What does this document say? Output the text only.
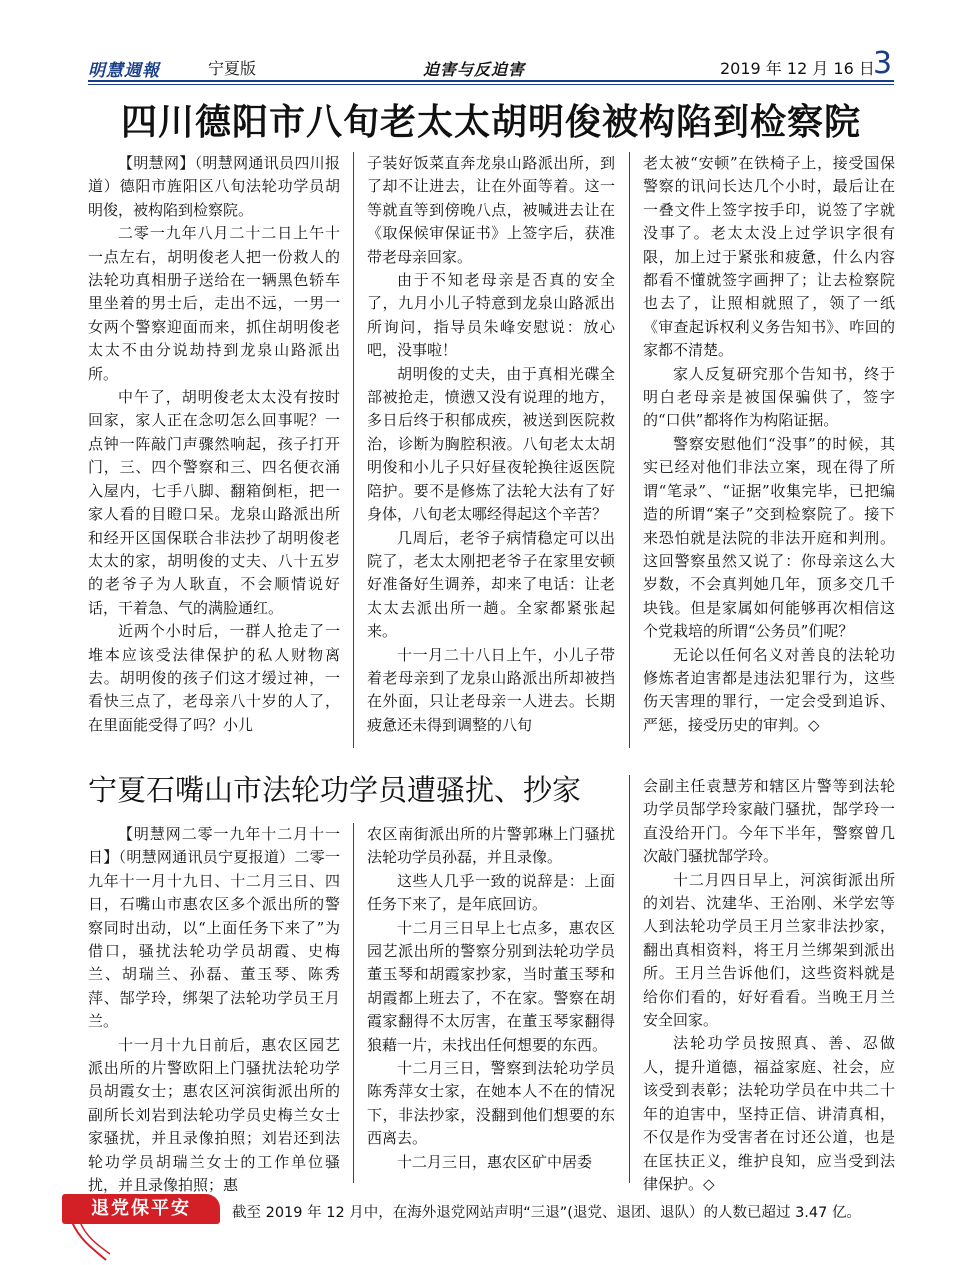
明慧週報	宁夏版	迫害与反迫害	2019 年 12 月 16 日
3
四川德阳市八旬老太太胡明俊被构陷到检察院

【明慧网】（明慧网通讯员四川报道）德阳市旌阳区八旬法轮功学员胡明俊，被构陷到检察院。

二零一九年八月二十二日上午十一点左右，胡明俊老人把一份救人的法轮功真相册子送给在一辆黑色轿车里坐着的男士后，走出不远，一男一女两个警察迎面而来，抓住胡明俊老太太不由分说劫持到龙泉山路派出所。

中午了，胡明俊老太太没有按时回家，家人正在念叨怎么回事呢？一点钟一阵敲门声骤然响起，孩子打开门，三、四个警察和三、四名便衣涌入屋内，七手八脚、翻箱倒柜，把一家人看的目瞪口呆。龙泉山路派出所和经开区国保联合非法抄了胡明俊老太太的家，胡明俊的丈夫、八十五岁的老爷子为人耿直，不会顺情说好话，干着急、气的满脸通红。

近两个小时后，一群人抢走了一堆本应该受法律保护的私人财物离去。胡明俊的孩子们这才缓过神，一看快三点了，老母亲八十岁的人了，在里面能受得了吗？小儿

子装好饭菜直奔龙泉山路派出所，到了却不让进去，让在外面等着。这一等就直等到傍晚八点，被喊进去让在《取保候审保证书》上签字后，获准带老母亲回家。

由于不知老母亲是否真的安全了，九月小儿子特意到龙泉山路派出所询问，指导员朱峰安慰说：放心吧，没事啦！

胡明俊的丈夫，由于真相光碟全部被抢走，愤懑又没有说理的地方，多日后终于积郁成疾，被送到医院救治，诊断为胸腔积液。八旬老太太胡明俊和小儿子只好昼夜轮换往返医院陪护。要不是修炼了法轮大法有了好身体，八旬老太哪经得起这个辛苦？

几周后，老爷子病情稳定可以出院了，老太太刚把老爷子在家里安顿好准备好生调养，却来了电话：让老太太去派出所一趟。全家都紧张起来。

十一月二十八日上午，小儿子带着老母亲到了龙泉山路派出所却被挡在外面，只让老母亲一人进去。长期疲惫还未得到调整的八旬

老太被“安顿”在铁椅子上，接受国保警察的讯问长达几个小时，最后让在一叠文件上签字按手印，说签了字就没事了。老太太没上过学识字很有限，加上过于紧张和疲惫，什么内容都看不懂就签字画押了；让去检察院也去了，让照相就照了，领了一纸《审查起诉权利义务告知书》、咋回的家都不清楚。

家人反复研究那个告知书，终于明白老母亲是被国保骗供了，签字的“口供”都将作为构陷证据。

警察安慰他们“没事”的时候，其实已经对他们非法立案，现在得了所谓“笔录”、“证据”收集完毕，已把编造的所谓“案子”交到检察院了。接下来恐怕就是法院的非法开庭和判刑。这回警察虽然又说了：你母亲这么大岁数，不会真判她几年，顶多交几千块钱。但是家属如何能够再次相信这个党栽培的所谓“公务员”们呢？

无论以任何名义对善良的法轮功修炼者迫害都是违法犯罪行为，这些伤天害理的罪行，一定会受到追诉、严惩，接受历史的审判。◇

宁夏石嘴山市法轮功学员遭骚扰、抄家

【明慧网二零一九年十二月十一日】（明慧网通讯员宁夏报道）二零一九年十一月十九日、十二月三日、四日，石嘴山市惠农区多个派出所的警察同时出动，以“上面任务下来了”为借口，骚扰法轮功学员胡霞、史梅兰、胡瑞兰、孙磊、董玉琴、陈秀萍、郜学玲，绑架了法轮功学员王月兰。

十一月十九日前后，惠农区园艺派出所的片警欧阳上门骚扰法轮功学员胡霞女士；惠农区河滨街派出所的副所长刘岩到法轮功学员史梅兰女士家骚扰，并且录像拍照；刘岩还到法轮功学员胡瑞兰女士的工作单位骚扰，并且录像拍照；惠

农区南街派出所的片警郭琳上门骚扰法轮功学员孙磊，并且录像。

这些人几乎一致的说辞是：上面任务下来了，是年底回访。

十二月三日早上七点多，惠农区园艺派出所的警察分别到法轮功学员董玉琴和胡霞家抄家，当时董玉琴和胡霞都上班去了，不在家。警察在胡霞家翻得不太厉害，在董玉琴家翻得狼藉一片，未找出任何想要的东西。

十二月三日，警察到法轮功学员陈秀萍女士家，在她本人不在的情况下，非法抄家，没翻到他们想要的东西离去。

十二月三日，惠农区矿中居委

会副主任袁慧芳和辖区片警等到法轮功学员郜学玲家敲门骚扰，郜学玲一直没给开门。今年下半年，警察曾几次敲门骚扰郜学玲。

十二月四日早上，河滨街派出所的刘岩、沈建华、王治刚、米学宏等人到法轮功学员王月兰家非法抄家，翻出真相资料，将王月兰绑架到派出所。王月兰告诉他们，这些资料就是给你们看的，好好看看。当晚王月兰安全回家。

法轮功学员按照真、善、忍做人，提升道德，福益家庭、社会，应该受到表彰；法轮功学员在中共二十年的迫害中，坚持正信、讲清真相，不仅是作为受害者在讨还公道，也是在匡扶正义，维护良知，应当受到法律保护。◇

退党保平安	截至 2019 年 12 月中，在海外退党网站声明“三退”(退党、退团、退队）的人数已超过 3.47 亿。
